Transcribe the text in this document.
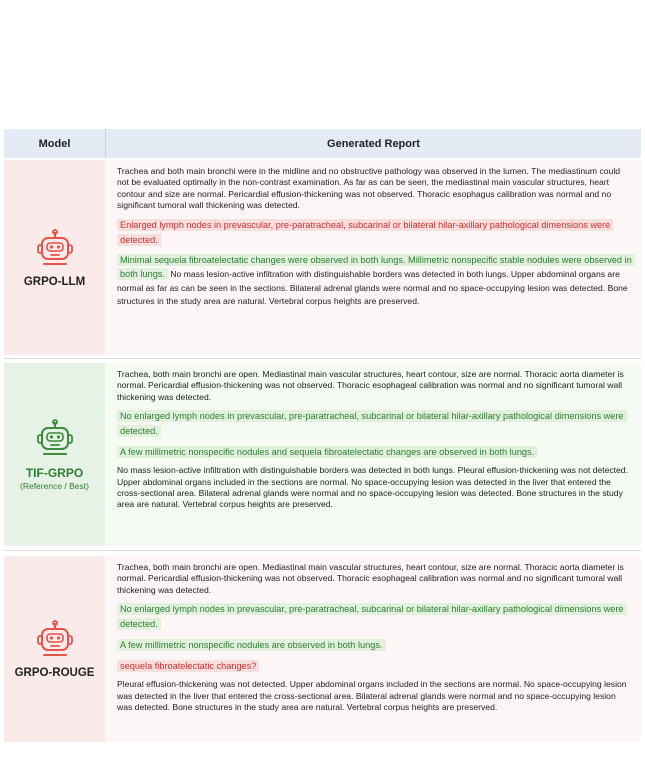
Model	Generated Report
GRPO-LLM
Trachea and both main bronchi were in the midline and no obstructive pathology was observed in the lumen. The mediastinum could not be evaluated optimally in the non-contrast examination. As far as can be seen, the mediastinal main vascular structures, heart contour and size are normal. Pericardial effusion-thickening was not observed. Thoracic esophagus calibration was normal and no significant tumoral wall thickening was detected.
Enlarged lymph nodes in prevascular, pre-paratracheal, subcarinal or bilateral hilar-axillary pathological dimensions were detected.
Minimal sequela fibroatelectatic changes were observed in both lungs. Millimetric nonspecific stable nodules were observed in both lungs. No mass lesion-active infiltration with distinguishable borders was detected in both lungs. Upper abdominal organs are normal as far as can be seen in the sections. Bilateral adrenal glands were normal and no space-occupying lesion was detected. Bone structures in the study area are natural. Vertebral corpus heights are preserved.
TIF-GRPO
(Reference / Best)
Trachea, both main bronchi are open. Mediastinal main vascular structures, heart contour, size are normal. Thoracic aorta diameter is normal. Pericardial effusion-thickening was not observed. Thoracic esophageal calibration was normal and no significant tumoral wall thickening was detected.
No enlarged lymph nodes in prevascular, pre-paratracheal, subcarinal or bilateral hilar-axillary pathological dimensions were detected.
A few millimetric nonspecific nodules and sequela fibroatelectatic changes are observed in both lungs.
No mass lesion-active infiltration with distinguishable borders was detected in both lungs. Pleural effusion-thickening was not detected. Upper abdominal organs included in the sections are normal. No space-occupying lesion was detected in the liver that entered the cross-sectional area. Bilateral adrenal glands were normal and no space-occupying lesion was detected. Bone structures in the study area are natural. Vertebral corpus heights are preserved.
GRPO-ROUGE
Trachea, both main bronchi are open. Mediastinal main vascular structures, heart contour, size are normal. Thoracic aorta diameter is normal. Pericardial effusion-thickening was not observed. Thoracic esophageal calibration was normal and no significant tumoral wall thickening was detected.
No enlarged lymph nodes in prevascular, pre-paratracheal, subcarinal or bilateral hilar-axillary pathological dimensions were detected.
A few millimetric nonspecific nodules are observed in both lungs.
sequela fibroatelectatic changes?
Pleural effusion-thickening was not detected. Upper abdominal organs included in the sections are normal. No space-occupying lesion was detected in the liver that entered the cross-sectional area. Bilateral adrenal glands were normal and no space-occupying lesion was detected. Bone structures in the study area are natural. Vertebral corpus heights are preserved.
